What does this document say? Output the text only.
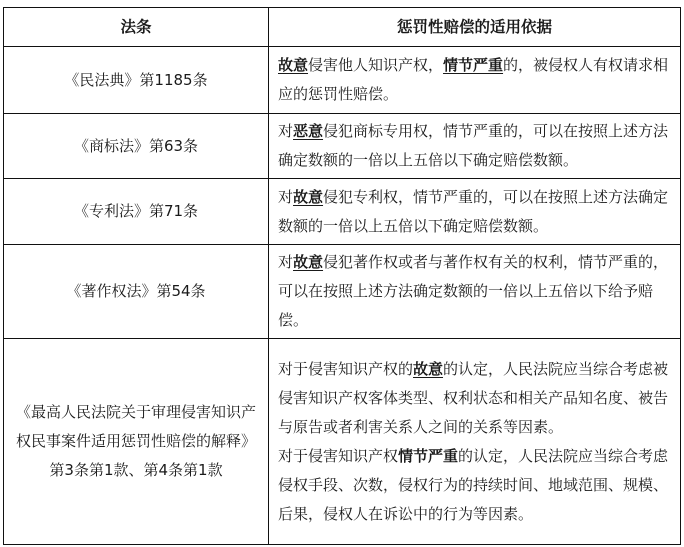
法条	惩罚性赔偿的适用依据
《民法典》第1185条	故意侵害他人知识产权，情节严重的，被侵权人有权请求相应的惩罚性赔偿。
《商标法》第63条	对恶意侵犯商标专用权，情节严重的，可以在按照上述方法确定数额的一倍以上五倍以下确定赔偿数额。
《专利法》第71条	对故意侵犯专利权，情节严重的，可以在按照上述方法确定数额的一倍以上五倍以下确定赔偿数额。
《著作权法》第54条	对故意侵犯著作权或者与著作权有关的权利，情节严重的，可以在按照上述方法确定数额的一倍以上五倍以下给予赔偿。
《最高人民法院关于审理侵害知识产权民事案件适用惩罚性赔偿的解释》第3条第1款、第4条第1款	对于侵害知识产权的故意的认定，人民法院应当综合考虑被侵害知识产权客体类型、权利状态和相关产品知名度、被告与原告或者利害关系人之间的关系等因素。
对于侵害知识产权情节严重的认定，人民法院应当综合考虑侵权手段、次数，侵权行为的持续时间、地域范围、规模、后果，侵权人在诉讼中的行为等因素。
